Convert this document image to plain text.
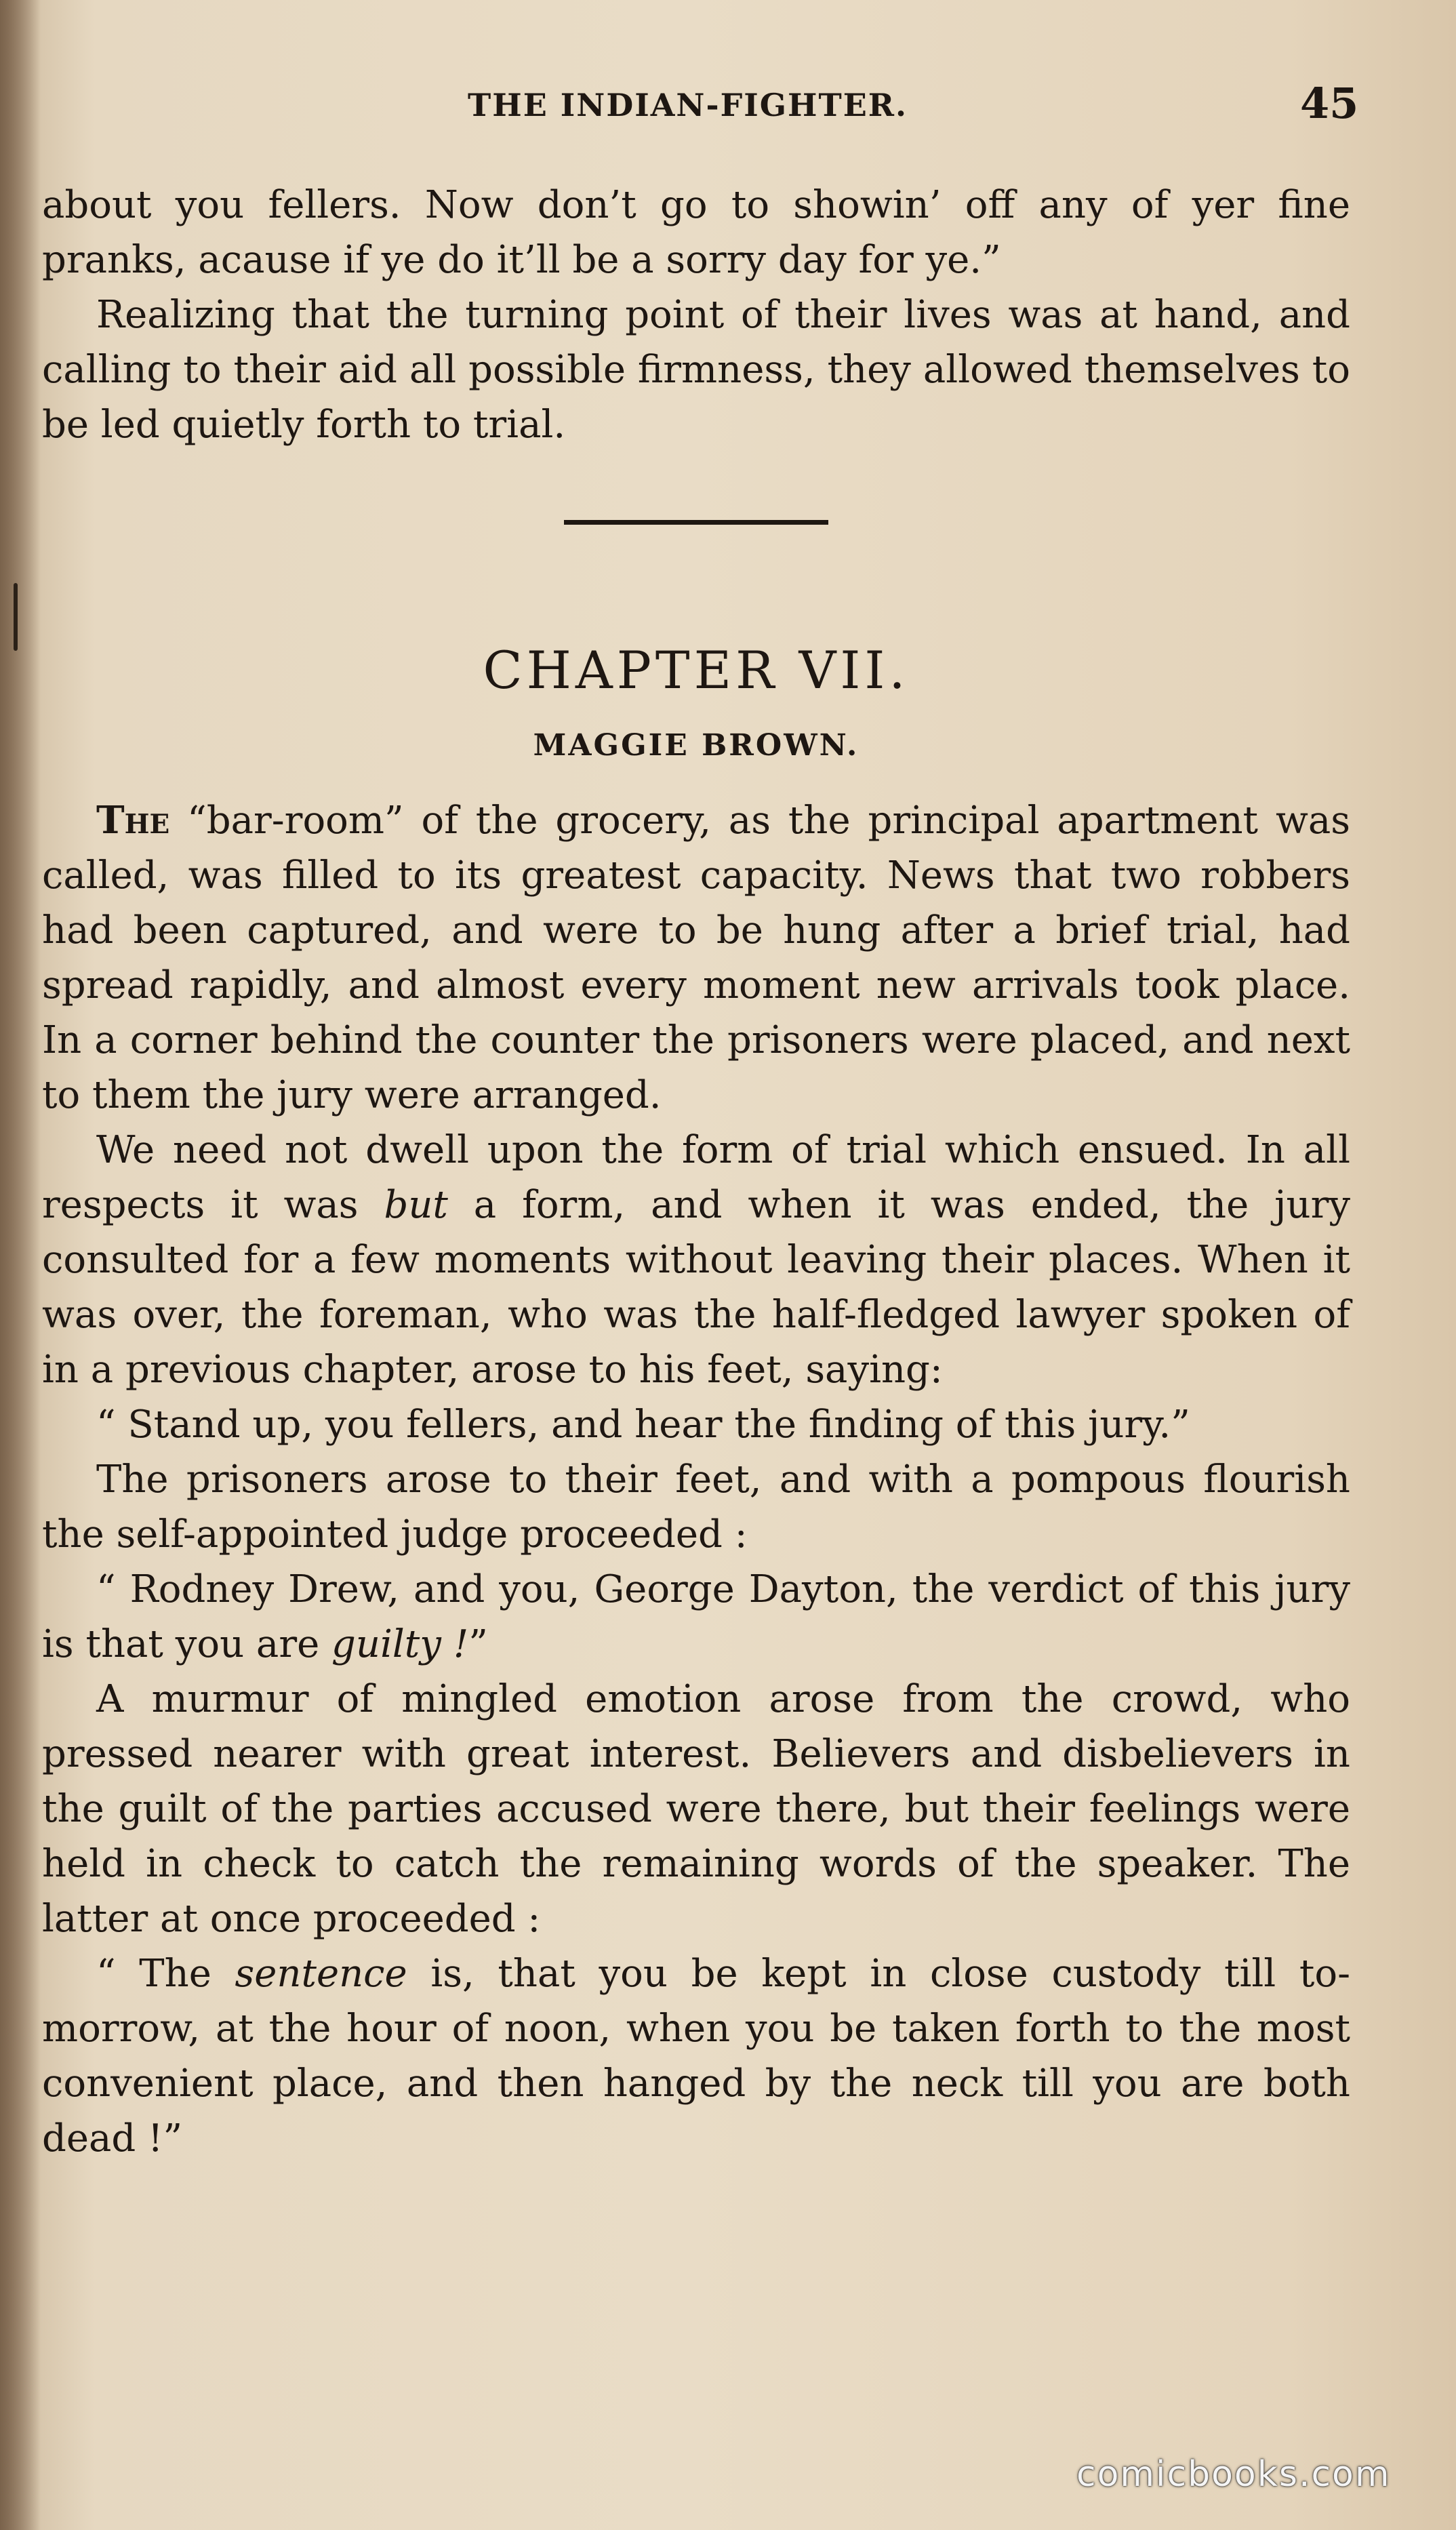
THE INDIAN-FIGHTER.	45

about you fellers. Now don’t go to showin’ off any of yer fine pranks, acause if ye do it’ll be a sorry day for ye.”

Realizing that the turning point of their lives was at hand, and calling to their aid all possible firmness, they allowed themselves to be led quietly forth to trial.

CHAPTER VII.
MAGGIE BROWN.

The “bar-room” of the grocery, as the principal apartment was called, was filled to its greatest capacity. News that two robbers had been captured, and were to be hung after a brief trial, had spread rapidly, and almost every moment new arrivals took place. In a corner behind the counter the prisoners were placed, and next to them the jury were arranged.

We need not dwell upon the form of trial which ensued. In all respects it was but a form, and when it was ended, the jury consulted for a few moments without leaving their places. When it was over, the foreman, who was the half-fledged lawyer spoken of in a previous chapter, arose to his feet, saying:

“ Stand up, you fellers, and hear the finding of this jury.”

The prisoners arose to their feet, and with a pompous flourish the self-appointed judge proceeded :

“ Rodney Drew, and you, George Dayton, the verdict of this jury is that you are guilty !”

A murmur of mingled emotion arose from the crowd, who pressed nearer with great interest. Believers and disbelievers in the guilt of the parties accused were there, but their feelings were held in check to catch the remaining words of the speaker. The latter at once proceeded :

“ The sentence is, that you be kept in close custody till to-morrow, at the hour of noon, when you be taken forth to the most convenient place, and then hanged by the neck till you are both dead !”

comicbooks.com
